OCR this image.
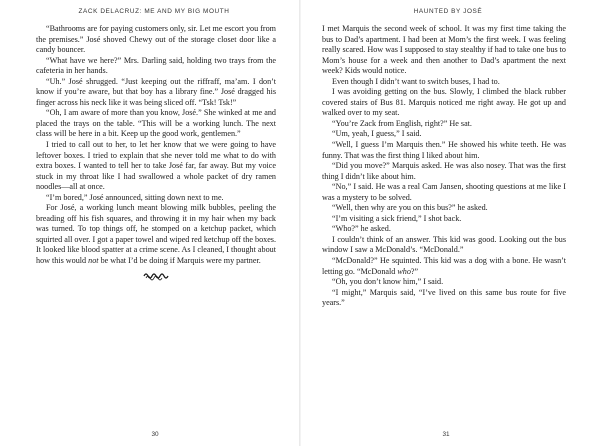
ZACK DELACRUZ: ME AND MY BIG MOUTH

“Bathrooms are for paying customers only, sir. Let me escort you from the premises.” José shoved Chewy out of the storage closet door like a candy bouncer.

“What have we here?” Mrs. Darling said, holding two trays from the cafeteria in her hands.

“Uh.” José shrugged. “Just keeping out the riffraff, ma’am. I don’t know if you’re aware, but that boy has a library fine.” José dragged his finger across his neck like it was being sliced off. “Tsk! Tsk!”

“Oh, I am aware of more than you know, José.” She winked at me and placed the trays on the table. “This will be a working lunch. The next class will be here in a bit. Keep up the good work, gentlemen.”

I tried to call out to her, to let her know that we were going to have leftover boxes. I tried to explain that she never told me what to do with extra boxes. I wanted to tell her to take José far, far away. But my voice stuck in my throat like I had swallowed a whole packet of dry ramen noodles—all at once.

“I’m bored,” José announced, sitting down next to me.

For José, a working lunch meant blowing milk bubbles, peeling the breading off his fish squares, and throwing it in my hair when my back was turned. To top things off, he stomped on a ketchup packet, which squirted all over. I got a paper towel and wiped red ketchup off the boxes. It looked like blood spatter at a crime scene. As I cleaned, I thought about how this would not be what I’d be doing if Marquis were my partner.

30
HAUNTED BY JOSÉ

I met Marquis the second week of school. It was my first time taking the bus to Dad’s apartment. I had been at Mom’s the first week. I was feeling really scared. How was I supposed to stay stealthy if had to take one bus to Mom’s house for a week and then another to Dad’s apartment the next week? Kids would notice.

Even though I didn’t want to switch buses, I had to.

I was avoiding getting on the bus. Slowly, I climbed the black rubber covered stairs of Bus 81. Marquis noticed me right away. He got up and walked over to my seat.

“You’re Zack from English, right?” He sat.

“Um, yeah, I guess,” I said.

“Well, I guess I’m Marquis then.” He showed his white teeth. He was funny. That was the first thing I liked about him.

“Did you move?” Marquis asked. He was also nosey. That was the first thing I didn’t like about him.

“No,” I said. He was a real Cam Jansen, shooting questions at me like I was a mystery to be solved.

“Well, then why are you on this bus?” he asked.

“I’m visiting a sick friend,” I shot back.

“Who?” he asked.

I couldn’t think of an answer. This kid was good. Looking out the bus window I saw a McDonald’s. “McDonald.”

“McDonald?” He squinted. This kid was a dog with a bone. He wasn’t letting go. “McDonald who?”

“Oh, you don’t know him,” I said.

“I might,” Marquis said, “I’ve lived on this same bus route for five years.”

31
